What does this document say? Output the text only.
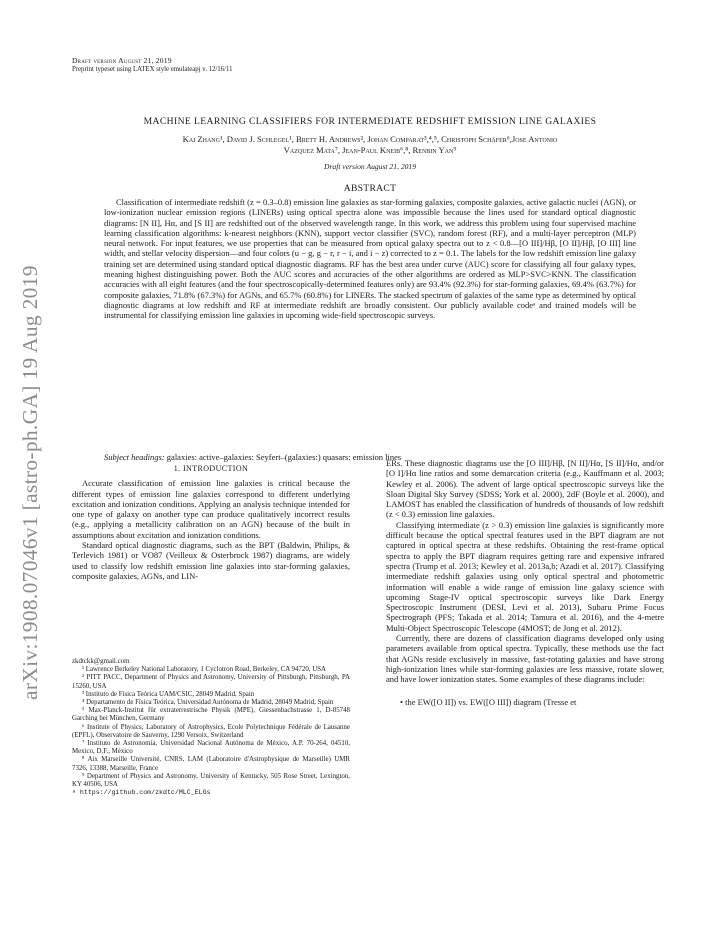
Draft version August 21, 2019
Preprint typeset using LATEX style emulateapj v. 12/16/11
arXiv:1908.07046v1 [astro-ph.GA] 19 Aug 2019
MACHINE LEARNING CLASSIFIERS FOR INTERMEDIATE REDSHIFT EMISSION LINE GALAXIES
Kai Zhang¹, David J. Schlegel¹, Brett H. Andrews², Johan Comparat³,⁴,⁵, Christoph Schäfer⁶,Jose Antonio
Vazquez Mata⁷, Jean-Paul Kneib⁶,⁸, Renbin Yan⁹
Draft version August 21, 2019
ABSTRACT

Classification of intermediate redshift (z = 0.3–0.8) emission line galaxies as star-forming galaxies, composite galaxies, active galactic nuclei (AGN), or low-ionization nuclear emission regions (LINERs) using optical spectra alone was impossible because the lines used for standard optical diagnostic diagrams: [N II], Hα, and [S II] are redshifted out of the observed wavelength range. In this work, we address this problem using four supervised machine learning classification algorithms: k-nearest neighbors (KNN), support vector classifier (SVC), random forest (RF), and a multi-layer perceptron (MLP) neural network. For input features, we use properties that can be measured from optical galaxy spectra out to z < 0.8—[O III]/Hβ, [O II]/Hβ, [O III] line width, and stellar velocity dispersion—and four colors (u − g, g − r, r − i, and i − z) corrected to z = 0.1. The labels for the low redshift emission line galaxy training set are determined using standard optical diagnostic diagrams. RF has the best area under curve (AUC) score for classifying all four galaxy types, meaning highest distinguishing power. Both the AUC scores and accuracies of the other algorithms are ordered as MLP>SVC>KNN. The classification accuracies with all eight features (and the four spectroscopically-determined features only) are 93.4% (92.3%) for star-forming galaxies, 69.4% (63.7%) for composite galaxies, 71.8% (67.3%) for AGNs, and 65.7% (60.8%) for LINERs. The stacked spectrum of galaxies of the same type as determined by optical diagnostic diagrams at low redshift and RF at intermediate redshift are broadly consistent. Our publicly available codeᵃ and trained models will be instrumental for classifying emission line galaxies in upcoming wide-field spectroscopic surveys.

Subject headings: galaxies: active–galaxies: Seyfert–(galaxies:) quasars: emission lines

1. INTRODUCTION

Accurate classification of emission line galaxies is critical because the different types of emission line galaxies correspond to different underlying excitation and ionization conditions. Applying an analysis technique intended for one type of galaxy on another type can produce qualitatively incorrect results (e.g., applying a metallicity calibration on an AGN) because of the built in assumptions about excitation and ionization conditions.

Standard optical diagnostic diagrams, such as the BPT (Baldwin, Philips, & Terlevich 1981) or VO87 (Veilleux & Osterbrock 1987) diagrams, are widely used to classify low redshift emission line galaxies into star-forming galaxies, composite galaxies, AGNs, and LIN-

zkdtckk@gmail.com
¹ Lawrence Berkeley National Laboratory, 1 Cyclotron Road, Berkeley, CA 94720, USA
² PITT PACC, Department of Physics and Astronomy, University of Pittsburgh, Pittsburgh, PA 15260, USA
³ Instituto de Física Teórica UAM/CSIC, 28049 Madrid, Spain
⁴ Departamento de Física Teórica, Universidad Autónoma de Madrid, 28049 Madrid, Spain
⁵ Max-Planck-Institut für extraterrestrische Physik (MPE), Giessenbachstrasse 1, D-85748 Garching bei München, Germany
⁶ Institute of Physics, Laboratory of Astrophysics, Ecole Polytechnique Fédérale de Lausanne (EPFL), Observatoire de Sauverny, 1290 Versoix, Switzerland
⁷ Instituto de Astronomía, Universidad Nacional Autónoma de México, A.P. 70-264, 04510, Mexico, D.F., México
⁸ Aix Marseille Université, CNRS, LAM (Laboratoire d'Astrophysique de Marseille) UMR 7326, 13388, Marseille, France
⁹ Department of Physics and Astronomy, University of Kentucky, 505 Rose Street, Lexington, KY 40506, USA
ᵃ https://github.com/zkdtc/MLC_ELGs

ERs. These diagnostic diagrams use the [O III]/Hβ, [N II]/Hα, [S II]/Hα, and/or [O I]/Hα line ratios and some demarcation criteria (e.g., Kauffmann et al. 2003; Kewley et al. 2006). The advent of large optical spectroscopic surveys like the Sloan Digital Sky Survey (SDSS; York et al. 2000), 2dF (Boyle et al. 2000), and LAMOST has enabled the classification of hundreds of thousands of low redshift (z < 0.3) emission line galaxies.

Classifying intermediate (z > 0.3) emission line galaxies is significantly more difficult because the optical spectral features used in the BPT diagram are not captured in optical spectra at these redshifts. Obtaining the rest-frame optical spectra to apply the BPT diagram requires getting rare and expensive infrared spectra (Trump et al. 2013; Kewley et al. 2013a,b; Azadi et al. 2017). Classifying intermediate redshift galaxies using only optical spectral and photometric information will enable a wide range of emission line galaxy science with upcoming Stage-IV optical spectroscopic surveys like Dark Energy Spectroscopic Instrument (DESI, Levi et al. 2013), Subaru Prime Focus Spectrograph (PFS; Takada et al. 2014; Tamura et al. 2016), and the 4-metre Multi-Object Spectroscopic Telescope (4MOST; de Jong et al. 2012).

Currently, there are dozens of classification diagrams developed only using parameters available from optical spectra. Typically, these methods use the fact that AGNs reside exclusively in massive, fast-rotating galaxies and have strong high-ionization lines while star-forming galaxies are less massive, rotate slower, and have lower ionization states. Some examples of these diagrams include:

• the EW([O II]) vs. EW([O III]) diagram (Tresse et
